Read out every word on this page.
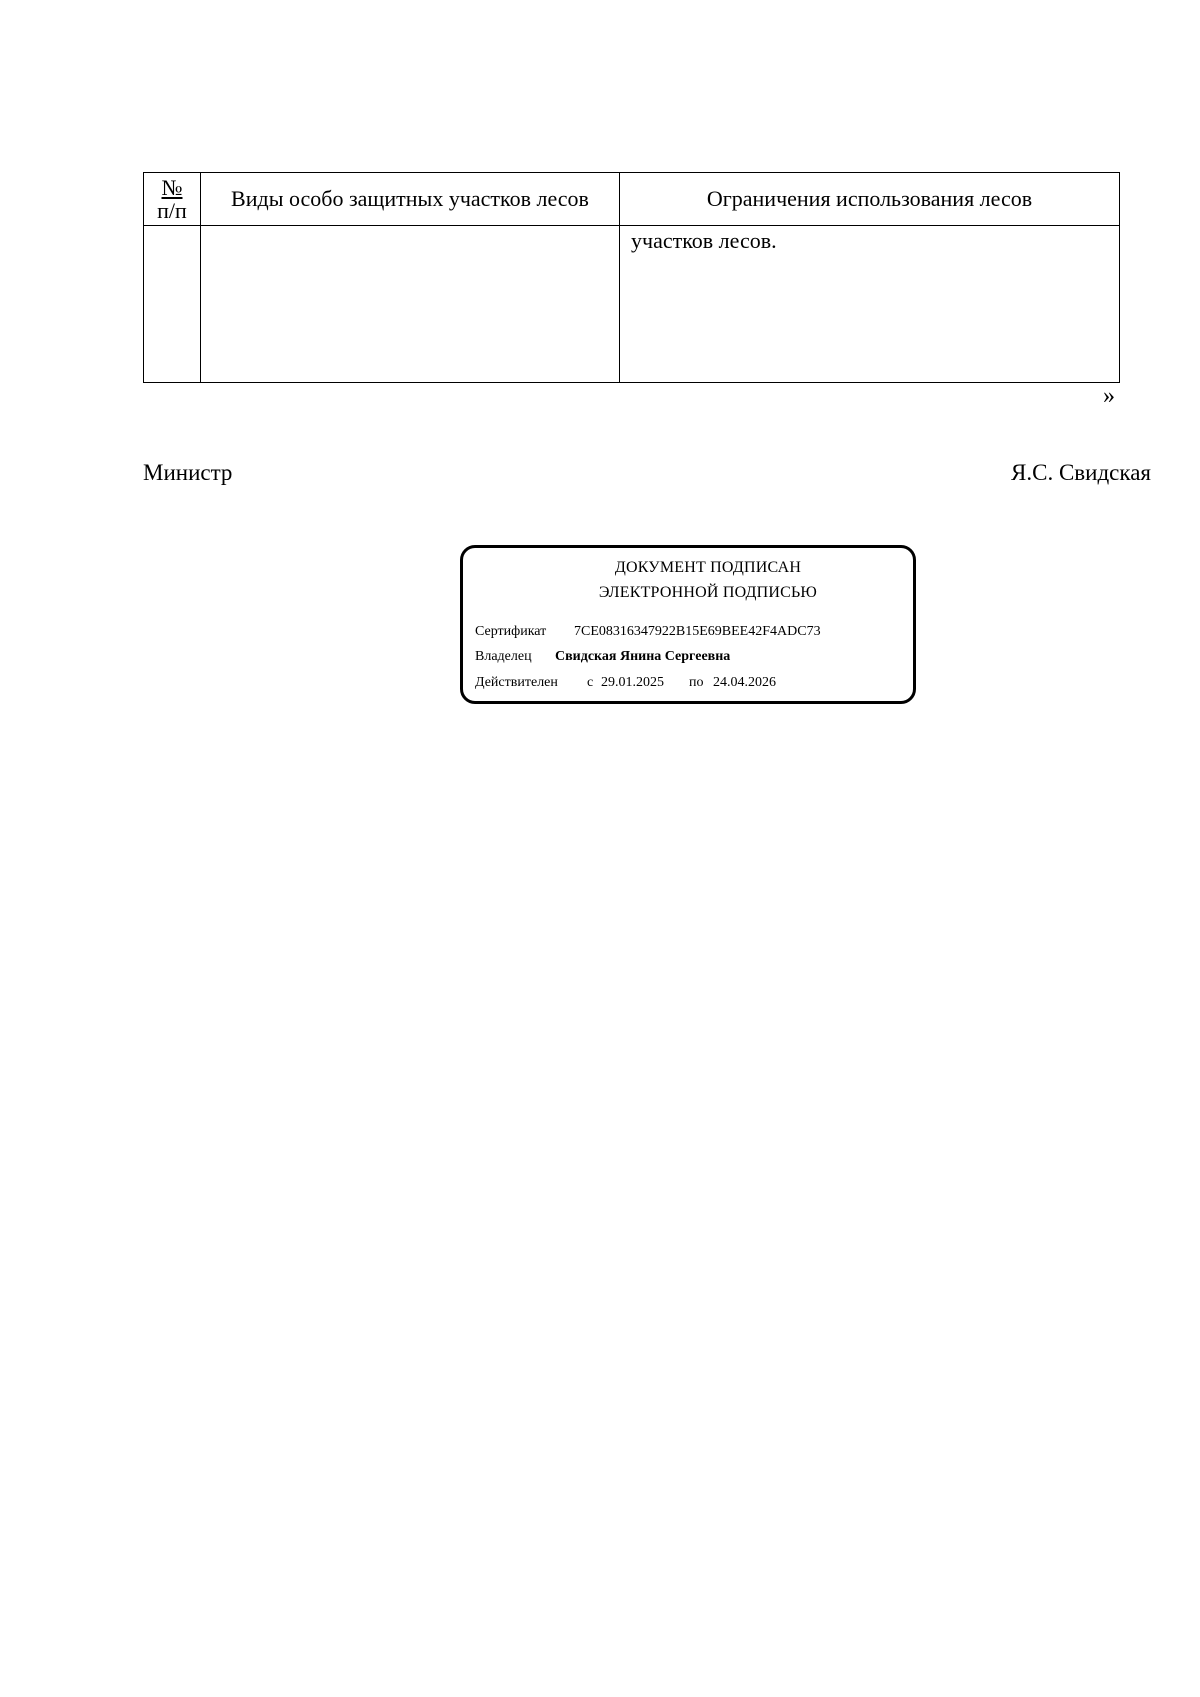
№
п/п	Виды особо защитных участков лесов	Ограничения использования лесов

		участков лесов.
»
Министр	Я.С. Свидская
ДОКУМЕНТ ПОДПИСАН
ЭЛЕКТРОННОЙ ПОДПИСЬЮ
Сертификат 7CE08316347922B15E69BEE42F4ADC73
Владелец Свидская Янина Сергеевна
Действителен с 29.01.2025 по 24.04.2026
